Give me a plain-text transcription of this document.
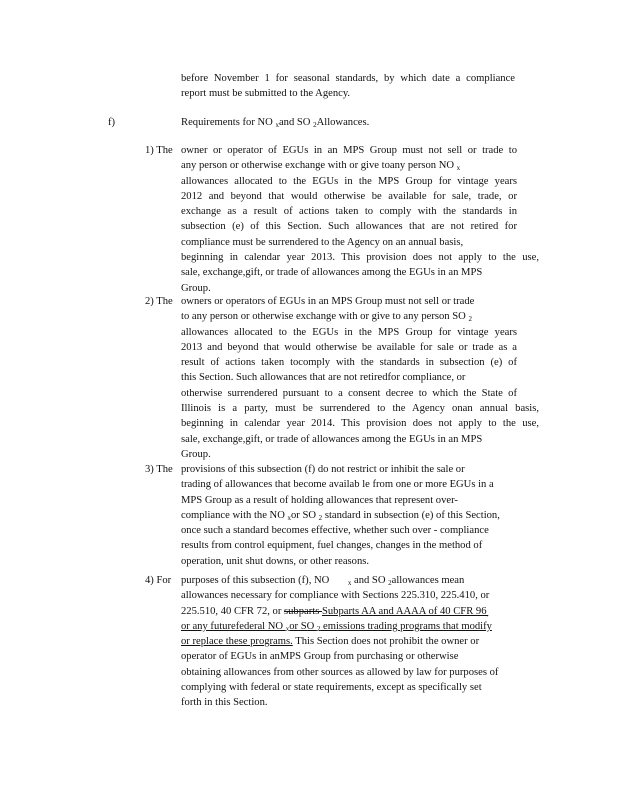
before November 1 for seasonal standards, by which date a compliance
report must be submitted to the Agency.
f)	Requirements for NO $_x$and SO $_2$Allowances.
1) The owner or operator of EGUs in an MPS Group must not sell or trade to
any person or otherwise exchange with or give toany person NO $_x$
allowances allocated to the EGUs in the MPS Group for vintage years
2012 and beyond that would otherwise be available for sale, trade, or
exchange as a result of actions taken to comply with the standards in
subsection (e) of this Section. Such allowances that are not retired for
compliance must be surrendered to the Agency on an annual basis,
beginning in calendar year 2013. This provision does not apply to the use,
sale, exchange,gift, or trade of allowances among the EGUs in an MPS
Group.
2) The owners or operators of EGUs in an MPS Group must not sell or trade
to any person or otherwise exchange with or give to any person SO $_2$
allowances allocated to the EGUs in the MPS Group for vintage years
2013 and beyond that would otherwise be available for sale or trade as a
result of actions taken tocomply with the standards in subsection (e) of
this Section. Such allowances that are not retiredfor compliance, or
otherwise surrendered pursuant to a consent decree to which the State of
Illinois is a party, must be surrendered to the Agency onan annual basis,
beginning in calendar year 2014. This provision does not apply to the use,
sale, exchange,gift, or trade of allowances among the EGUs in an MPS
Group.
3) The provisions of this subsection (f) do not restrict or inhibit the sale or
trading of allowances that become availab le from one or more EGUs in a
MPS Group as a result of holding allowances that represent over-
compliance with the NO $_x$or SO $_2$ standard in subsection (e) of this Section,
once such a standard becomes effective, whether such over - compliance
results from control equipment, fuel changes, changes in the method of
operation, unit shut downs, or other reasons.
4) For purposes of this subsection (f), NO	$_x$ and SO $_2$allowances mean
allowances necessary for compliance with Sections 225.310, 225.410, or
225.510, 40 CFR 72, or subparts Subparts AA and AAAA of 40 CFR $96_,$
or any futurefederal NO $_x$or SO $_2$ emissions trading programs that modify
or replace these programs. This Section does not prohibit the owner or
operator of EGUs in anMPS Group from purchasing or otherwise
obtaining allowances from other sources as allowed by law for purposes of
complying with federal or state requirements, except as specifically set
forth in this Section.
